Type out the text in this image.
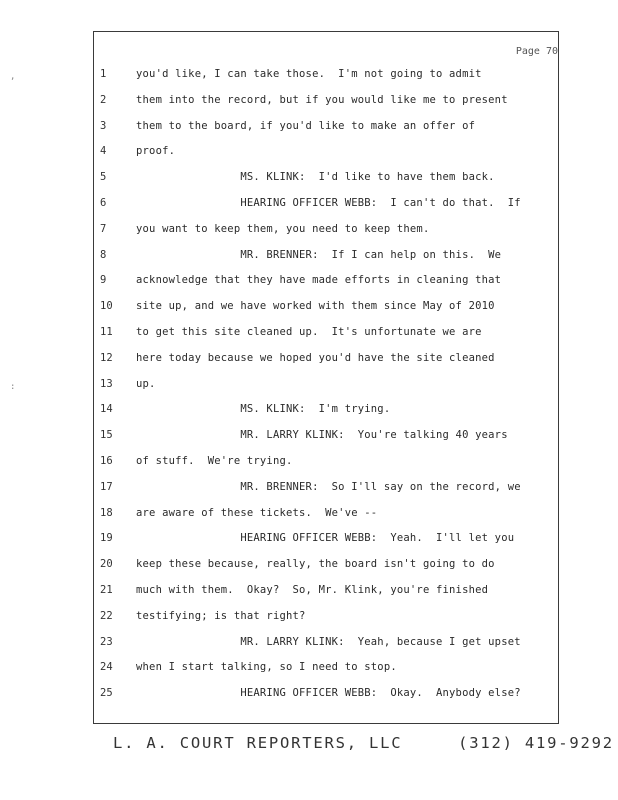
Page 70
1	you'd like, I can take those.  I'm not going to admit
2	them into the record, but if you would like me to present
3	them to the board, if you'd like to make an offer of
4	proof.
5	MS. KLINK:  I'd like to have them back.
6	HEARING OFFICER WEBB:  I can't do that.  If
7	you want to keep them, you need to keep them.
8	MR. BRENNER:  If I can help on this.  We
9	acknowledge that they have made efforts in cleaning that
10	site up, and we have worked with them since May of 2010
11	to get this site cleaned up.  It's unfortunate we are
12	here today because we hoped you'd have the site cleaned
13	up.
14	MS. KLINK:  I'm trying.
15	MR. LARRY KLINK:  You're talking 40 years
16	of stuff.  We're trying.
17	MR. BRENNER:  So I'll say on the record, we
18	are aware of these tickets.  We've --
19	HEARING OFFICER WEBB:  Yeah.  I'll let you
20	keep these because, really, the board isn't going to do
21	much with them.  Okay?  So, Mr. Klink, you're finished
22	testifying; is that right?
23	MR. LARRY KLINK:  Yeah, because I get upset
24	when I start talking, so I need to stop.
25	HEARING OFFICER WEBB:  Okay.  Anybody else?
L. A. COURT REPORTERS, LLC     (312) 419-9292
,
:
